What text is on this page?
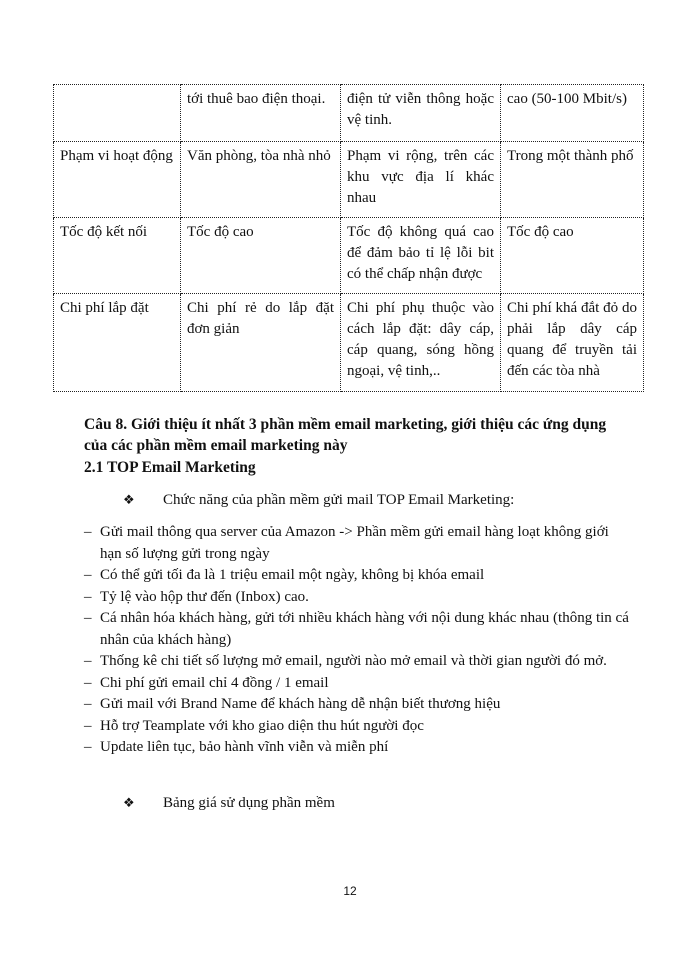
	tới thuê bao điện thoại.	điện tử viễn thông hoặc vệ tinh.	cao (50-100 Mbit/s)
Phạm vi hoạt động	Văn phòng, tòa nhà nhỏ	Phạm vi rộng, trên các khu vực địa lí khác nhau	Trong một thành phố
Tốc độ kết nối	Tốc độ cao	Tốc độ không quá cao để đảm bảo tỉ lệ lỗi bit có thể chấp nhận được	Tốc độ cao
Chi phí lắp đặt	Chi phí rẻ do lắp đặt đơn giản	Chi phí phụ thuộc vào cách lắp đặt: dây cáp, cáp quang, sóng hồng ngoại, vệ tinh,..	Chi phí khá đắt đỏ do phải lắp dây cáp quang để truyền tải đến các tòa nhà
Câu 8. Giới thiệu ít nhất 3 phần mềm email marketing, giới thiệu các ứng dụng của các phần mềm email marketing này
2.1 TOP Email Marketing
❖ Chức năng của phần mềm gửi mail TOP Email Marketing:
– Gửi mail thông qua server của Amazon -> Phần mềm gửi email hàng loạt không giới hạn số lượng gửi trong ngày
– Có thể gửi tối đa là 1 triệu email một ngày, không bị khóa email
– Tỷ lệ vào hộp thư đến (Inbox) cao.
– Cá nhân hóa khách hàng, gửi tới nhiều khách hàng với nội dung khác nhau (thông tin cá nhân của khách hàng)
– Thống kê chi tiết số lượng mở email, người nào mở email và thời gian người đó mở.
– Chi phí gửi email chỉ 4 đồng / 1 email
– Gửi mail với Brand Name để khách hàng dễ nhận biết thương hiệu
– Hỗ trợ Teamplate với kho giao diện thu hút người đọc
– Update liên tục, bảo hành vĩnh viễn và miễn phí
❖ Bảng giá sử dụng phần mềm
12
